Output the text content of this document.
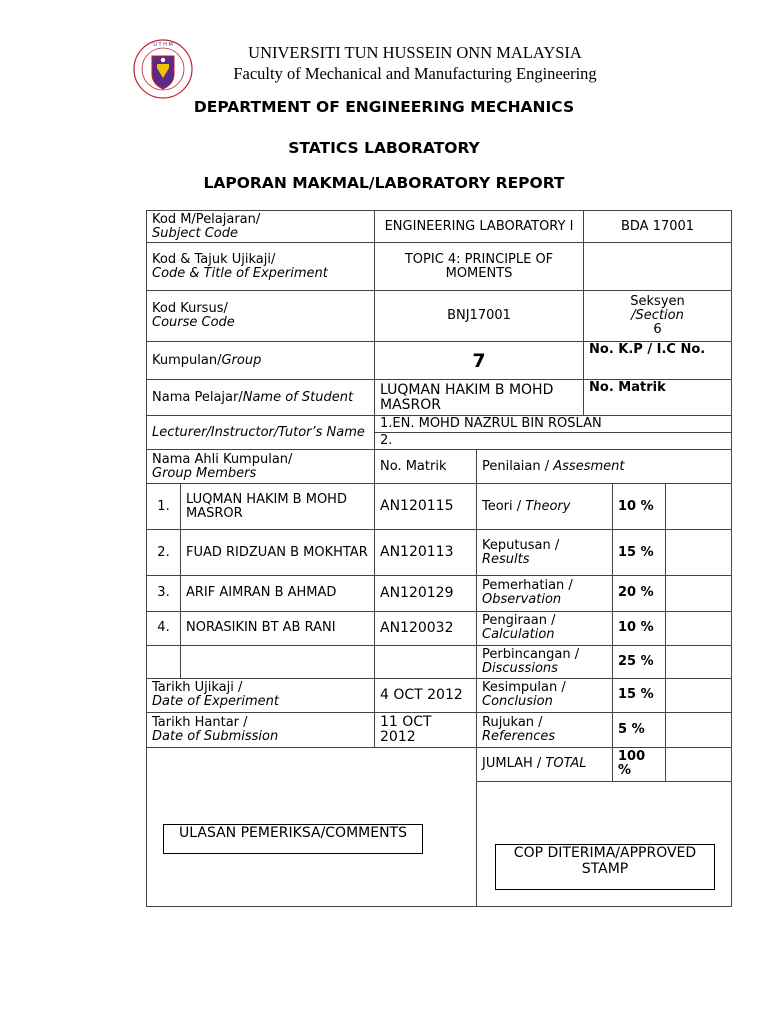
U T H M	UNIVERSITI TUN HUSSEIN ONN MALAYSIA
Faculty of Mechanical and Manufacturing Engineering
DEPARTMENT OF ENGINEERING MECHANICS
STATICS LABORATORY
LAPORAN MAKMAL/LABORATORY REPORT
Kod M/Pelajaran/
Subject Code		ENGINEERING LABORATORY I		BDA 17001		
Kod & Tajuk Ujikaji/
Code & Title of Experiment		TOPIC 4: PRINCIPLE OF MOMENTS				
Kod Kursus/
Course Code		BNJ17001		Seksyen
/Section
6		
Kumpulan/Group		7		No. K.P / I.C No.		
Nama Pelajar/Name of Student		LUQMAN HAKIM B MOHD MASROR		No. Matrik		
Lecturer/Instructor/Tutor’s Name		1.EN. MOHD NAZRUL BIN ROSLAN				
		2.				
Nama Ahli Kumpulan/
Group Members		No. Matrik	Penilaian / Assesment			
1.	LUQMAN HAKIM B MOHD MASROR	AN120115	Teori / Theory		10 %	
2.	FUAD RIDZUAN B MOKHTAR	AN120113	Keputusan / Results		15 %	
3.	ARIF AIMRAN B AHMAD	AN120129	Pemerhatian / Observation		20 %	
4.	NORASIKIN BT AB RANI	AN120032	Pengiraan / Calculation		10 %	
			Perbincangan / Discussions		25 %	
Tarikh Ujikaji /
Date of Experiment		4 OCT 2012	Kesimpulan / Conclusion		15 %	
Tarikh Hantar /
Date of Submission		11 OCT 2012	Rujukan / References		5 %	

ULASAN PEMERIKSA/COMMENTS			JUMLAH / TOTAL		100 %	

			COP DITERIMA/APPROVED STAMP			
